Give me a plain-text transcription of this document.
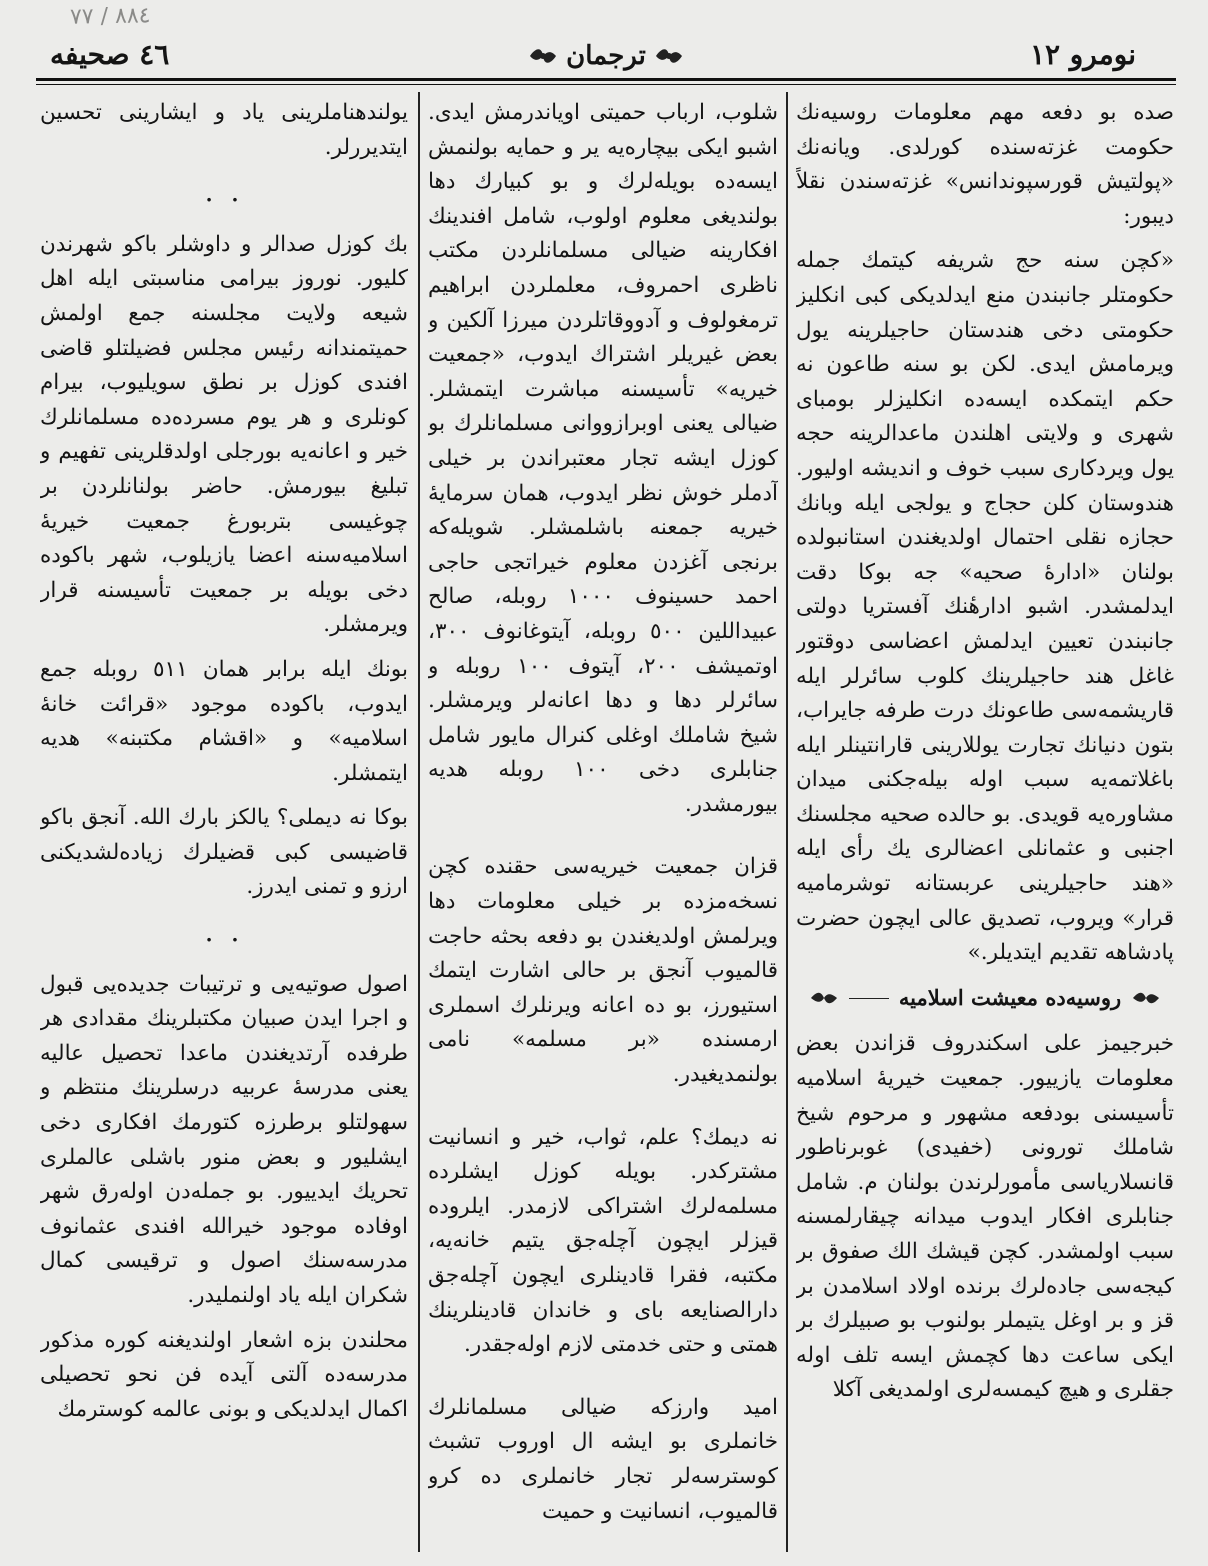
٨٨٤ / ٧٧
نومرو ١٢
ترجمان
٤٦ صحيفه

صده بو دفعه مهم معلومات روسیه‌نك حكومت غزته‌سنده كورلدی. ویانه‌نك «پولتیش قورسپوندانس» غزته‌سندن نقلاً دیبور:

«كچن سنه حج شریفه كیتمك جمله حكومتلر جانبندن منع ایدلدیكی كبی انكلیز حكومتی دخی هندستان حاجیلرینه یول ویرمامش ایدی. لكن بو سنه طاعون نه حكم ایتمكده ایسه‌ده انكلیزلر بومبای شهری و ولایتی اهلندن ماعدالرینه حجه یول ویردكاری سبب خوف و اندیشه اولیور. هندوستان كلن حجاج و یولجی ایله وبانك حجازه نقلی احتمال اولدیغندن استانبولده بولنان «ادارهٔ صحیه» جه بوكا دقت ایدلمشدر. اشبو ادارهٔنك آفستریا دولتی جانبندن تعیین ایدلمش اعضاسی دوقتور غاغل هند حاجیلرینك كلوب سائرلر ایله قاریشمه‌سی طاعونك درت طرفه جایراب، بتون دنیانك تجارت یوللارینی قارانتینلر ایله باغلاتمه‌یه سبب اوله بیله‌جكنی میدان مشاوره‌یه قویدی. بو حالده صحیه مجلسنك اجنبی و عثمانلی اعضالری یك رأی ایله «هند حاجیلرینی عربستانه توشرمامیه قرار» ویروب، تصدیق عالی ایچون حضرت پادشاهه تقدیم ایتدیلر.»

روسیه‌ده معیشت اسلامیه

خبرجیمز علی اسكندروف قزاندن بعض معلومات یازییور. جمعیت خیریهٔ اسلامیه تأسیسنی بودفعه مشهور و مرحوم شیخ شاملك تورونی (خفیدی) غوبرناطور قانسلاریاسی مأمورلرندن بولنان م. شامل جنابلری افكار ایدوب میدانه چیقارلمسنه سبب اولمشدر. كچن قیشك الك صفوق بر كیجه‌سی جاده‌لرك برنده اولاد اسلامدن بر قز و بر اوغل یتیملر بولنوب بو صبیلرك بر ایكی ساعت دها كچمش ایسه تلف اوله جقلری و هیچ كیمسه‌لری اولمدیغی آكلا

شلوب، ارباب حمیتی اویاندرمش ایدی. اشبو ایكی بیچاره‌یه یر و حمایه بولنمش ایسه‌ده بویله‌لرك و بو كبیارك دها بولندیغی معلوم اولوب، شامل افندینك افكارینه ضیالی مسلمانلردن مكتب ناظری احمروف، معلملردن ابراهیم ترمغولوف و آدووقاتلردن میرزا آلكین و بعض غیریلر اشتراك ایدوب، «جمعیت خیریه» تأسیسنه مباشرت ایتمشلر. ضیالی یعنی اوبرازووانی مسلمانلرك بو كوزل ایشه تجار معتبراندن بر خیلی آدملر خوش نظر ایدوب، همان سرمایهٔ خیریه جمعنه باشلمشلر. شویله‌كه برنجی آغزدن معلوم خیراتجی حاجی احمد حسینوف ١٠٠٠ روبله، صالح عبیداللین ٥٠٠ روبله، آیتوغانوف ٣٠٠، اوتمیشف ٢٠٠، آیتوف ١٠٠ روبله و سائرلر دها و دها اعانه‌لر ویرمشلر. شیخ شاملك اوغلی كنرال مایور شامل جنابلری دخی ١٠٠ روبله هدیه بیورمشدر.

قزان جمعیت خیریه‌سی حقنده كچن نسخه‌مزده بر خیلی معلومات دها ویرلمش اولدیغندن بو دفعه بحثه حاجت قالمیوب آنجق بر حالی اشارت ایتمك استیورز، بو ده اعانه ویرنلرك اسملری ارمسنده «بر مسلمه» نامی بولنمدیغیدر.

نه دیمك؟ علم، ثواب، خیر و انسانیت مشتركدر. بویله كوزل ایشلرده مسلمه‌لرك اشتراكی لازمدر. ایلروده قیزلر ایچون آچله‌جق یتیم خانه‌یه، مكتبه، فقرا قادینلری ایچون آچله‌جق دارالصنایعه بای و خاندان قادینلرینك همتی و حتی خدمتی لازم اوله‌جقدر.

امید وارزكه ضیالی مسلمانلرك خانملری بو ایشه ال اوروب تشبث كوسترسه‌لر تجار خانملری ده كرو قالمیوب، انسانیت و حمیت

یولندهناملرینی یاد و ایشارینی تحسین ایتدیررلر.

. .

بك كوزل صدالر و داوشلر باكو شهرندن كلیور. نوروز بیرامی مناسبتی ایله اهل شیعه ولایت مجلسنه جمع اولمش حمیتمندانه رئیس مجلس فضیلتلو قاضی افندی كوزل بر نطق سویلیوب، بیرام كونلری و هر یوم مسرده‌ده مسلمانلرك خیر و اعانه‌یه بورجلی اولدقلرینی تفهیم و تبلیغ بیورمش. حاضر بولنانلردن بر چوغیسی بتربورغ جمعیت خیریهٔ اسلامیه‌سنه اعضا یازیلوب، شهر باكوده دخی بویله بر جمعیت تأسیسنه قرار ویرمشلر.

بونك ایله برابر همان ٥١١ روبله جمع ایدوب، باكوده موجود «قرائت خانهٔ اسلامیه» و «اقشام مكتبنه» هدیه ایتمشلر.

بوكا نه دیملی؟ یالكز بارك الله. آنجق باكو قاضیسی كبی قضیلرك زیاده‌لشدیكنی ارزو و تمنی ایدرز.

. .

اصول صوتیه‌یی و ترتیبات جدیده‌یی قبول و اجرا ایدن صبیان مكتبلرینك مقدادی هر طرفده آرتدیغندن ماعدا تحصیل عالیه یعنی مدرسهٔ عربیه درسلرینك منتظم و سهولتلو برطرزه كتورمك افكاری دخی ایشلیور و بعض منور باشلی عالملری تحریك ایدییور. بو جمله‌دن اولەرق شهر اوفاده موجود خیرالله افندی عثمانوف مدرسه‌سنك اصول و ترقیسی كمال شكران ایله یاد اولنملیدر.

محلندن بزه اشعار اولندیغنه كوره مذكور مدرسه‌ده آلتی آیده فن نحو تحصیلی اكمال ایدلدیكی و بونی عالمه كوسترمك
